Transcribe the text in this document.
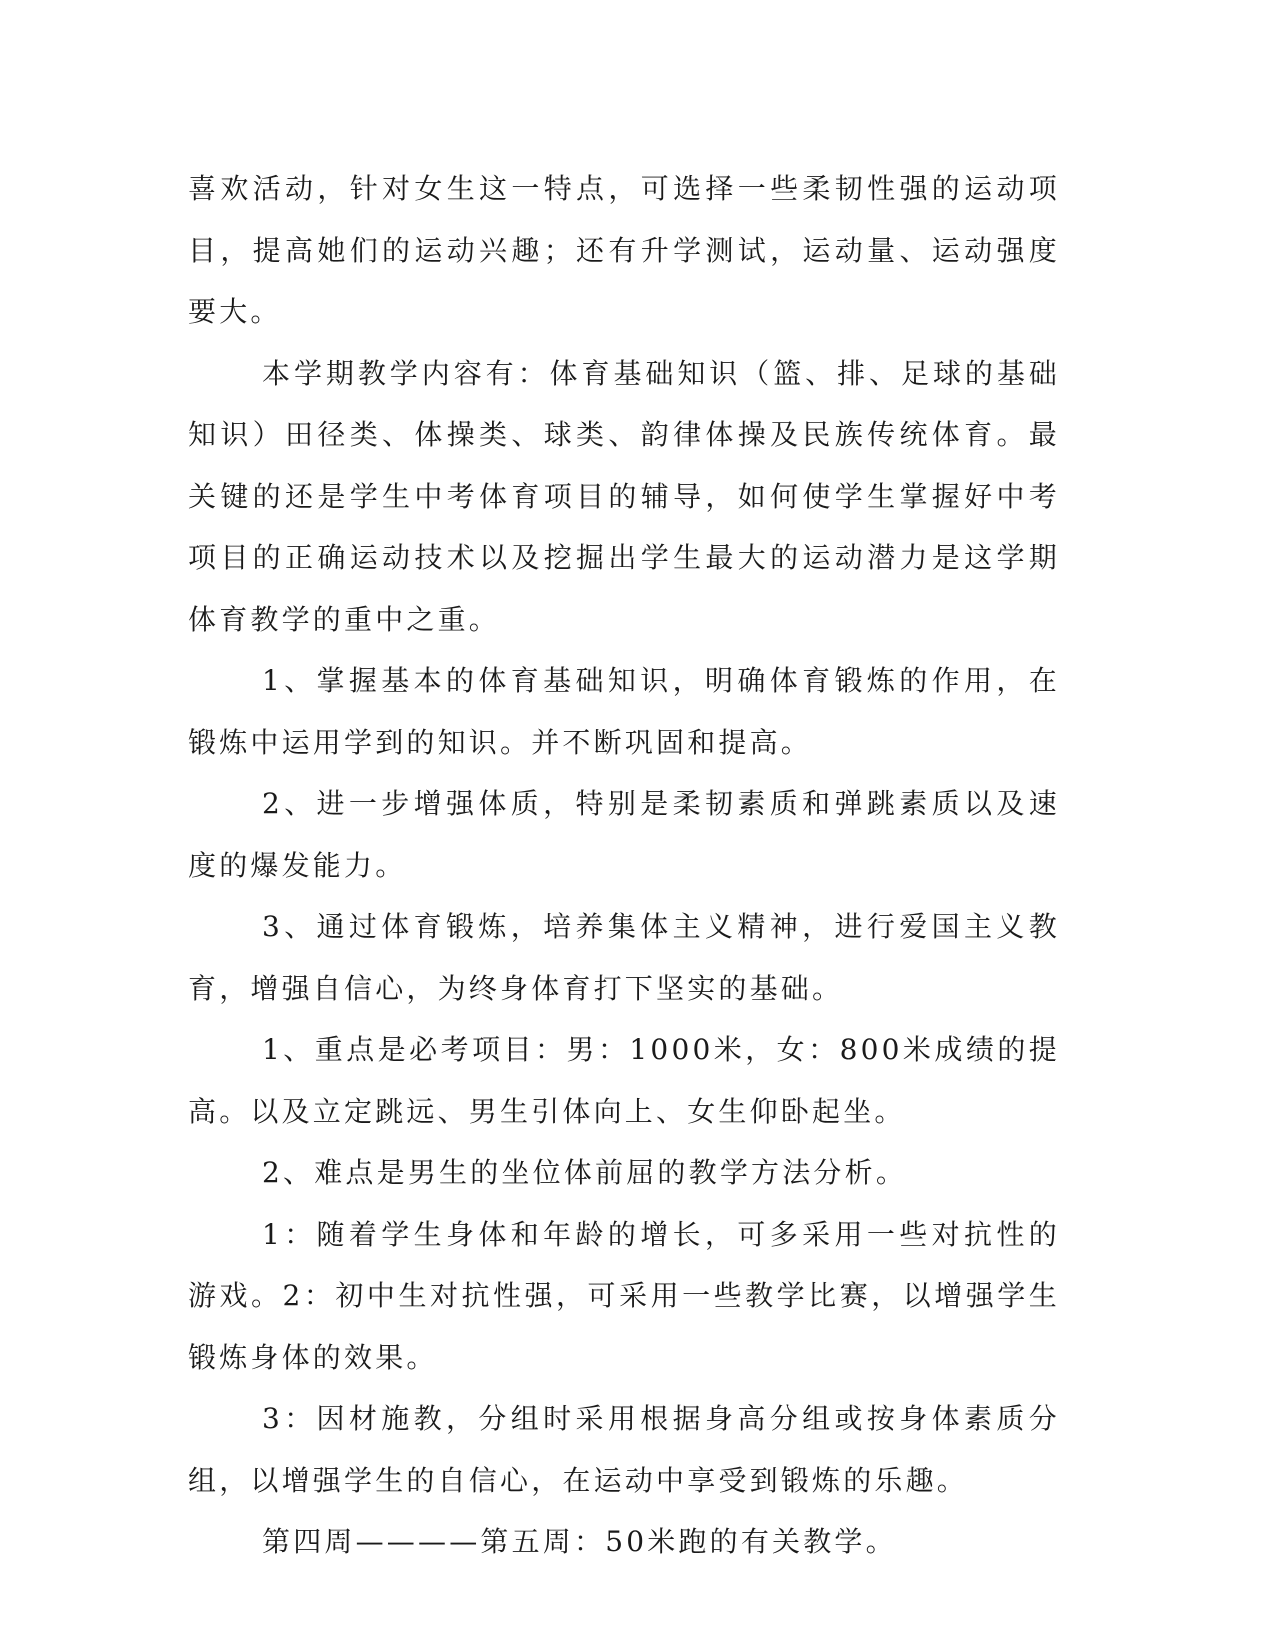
喜欢活动，针对女生这一特点，可选择一些柔韧性强的运动项目，提高她们的运动兴趣；还有升学测试，运动量、运动强度要大。

本学期教学内容有：体育基础知识（篮、排、足球的基础知识）田径类、体操类、球类、韵律体操及民族传统体育。最关键的还是学生中考体育项目的辅导，如何使学生掌握好中考项目的正确运动技术以及挖掘出学生最大的运动潜力是这学期体育教学的重中之重。

1、掌握基本的体育基础知识，明确体育锻炼的作用，在锻炼中运用学到的知识。并不断巩固和提高。

2、进一步增强体质，特别是柔韧素质和弹跳素质以及速度的爆发能力。

3、通过体育锻炼，培养集体主义精神，进行爱国主义教育，增强自信心，为终身体育打下坚实的基础。

1、重点是必考项目：男：1000米，女：800米成绩的提高。以及立定跳远、男生引体向上、女生仰卧起坐。

2、难点是男生的坐位体前屈的教学方法分析。

1：随着学生身体和年龄的增长，可多采用一些对抗性的游戏。2：初中生对抗性强，可采用一些教学比赛，以增强学生锻炼身体的效果。

3：因材施教，分组时采用根据身高分组或按身体素质分组，以增强学生的自信心，在运动中享受到锻炼的乐趣。

第四周————第五周：50米跑的有关教学。
